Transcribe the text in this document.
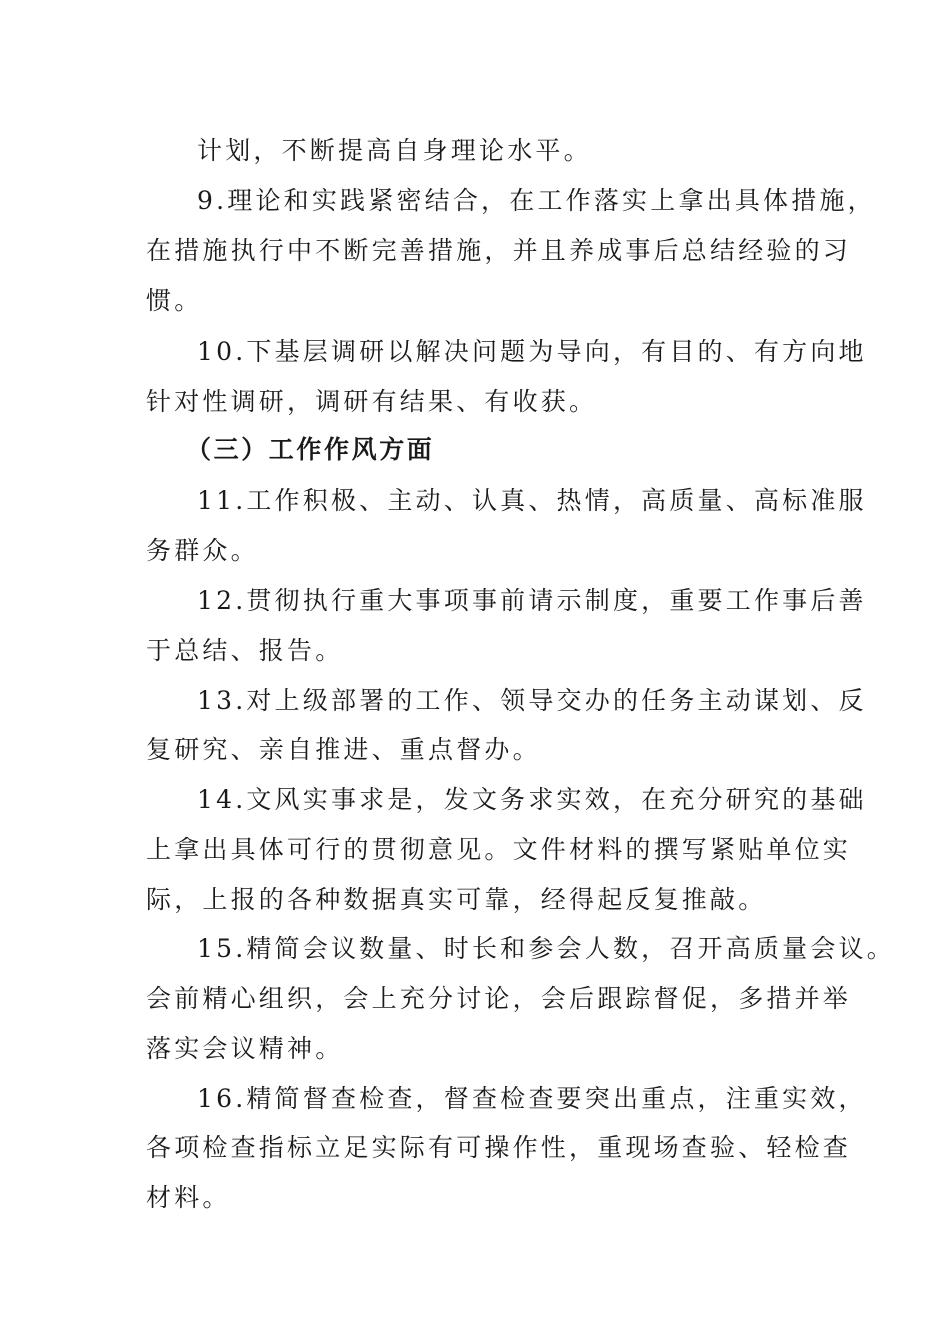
计划，不断提高自身理论水平。
9.理论和实践紧密结合，在工作落实上拿出具体措施，
在措施执行中不断完善措施，并且养成事后总结经验的习
惯。
10.下基层调研以解决问题为导向，有目的、有方向地
针对性调研，调研有结果、有收获。
（三）工作作风方面
11.工作积极、主动、认真、热情，高质量、高标准服
务群众。
12.贯彻执行重大事项事前请示制度，重要工作事后善
于总结、报告。
13.对上级部署的工作、领导交办的任务主动谋划、反
复研究、亲自推进、重点督办。
14.文风实事求是，发文务求实效，在充分研究的基础
上拿出具体可行的贯彻意见。文件材料的撰写紧贴单位实
际，上报的各种数据真实可靠，经得起反复推敲。
15.精简会议数量、时长和参会人数，召开高质量会议。
会前精心组织，会上充分讨论，会后跟踪督促，多措并举
落实会议精神。
16.精简督查检查，督查检查要突出重点，注重实效，
各项检查指标立足实际有可操作性，重现场查验、轻检查
材料。
